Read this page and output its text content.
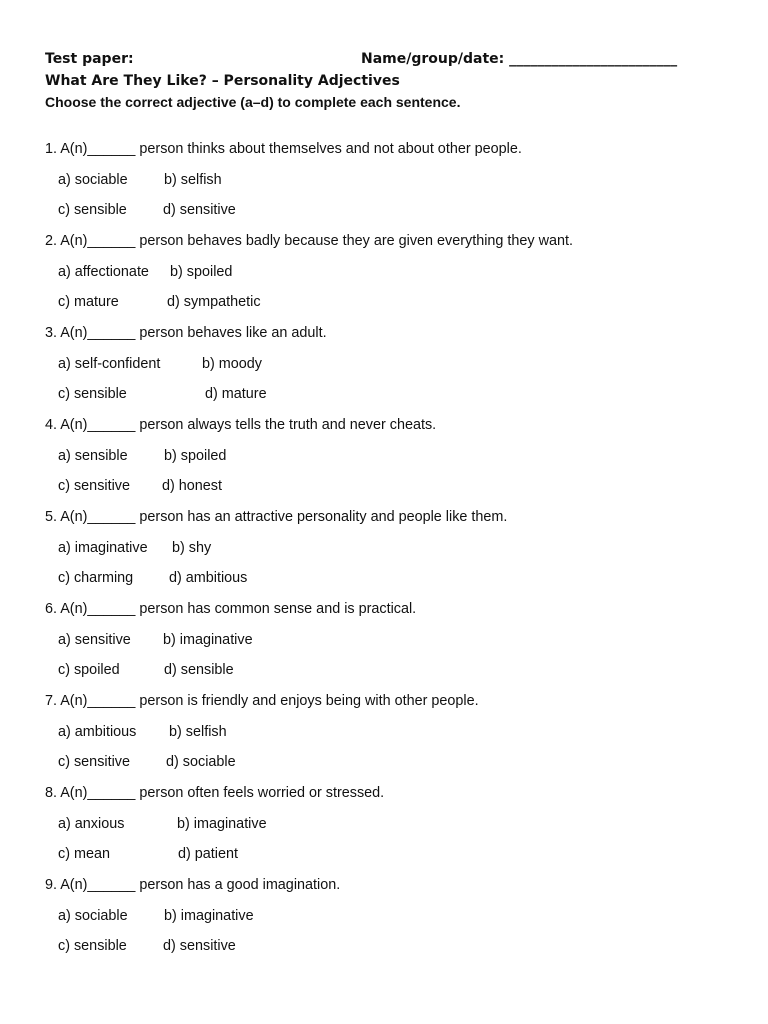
Test paper:	Name/group/date: ________________________
What Are They Like? – Personality Adjectives
Choose the correct adjective (a–d) to complete each sentence.
1. A(n)______ person thinks about themselves and not about other people.

a) sociable

	b) selfish

c) sensible

	d) sensitive

2. A(n)______ person behaves badly because they are given everything they want.

a) affectionate

b) spoiled

c) mature

	d) sympathetic

3. A(n)______ person behaves like an adult.

a) self-confident

	b) moody

c) sensible

	d) mature

4. A(n)______ person always tells the truth and never cheats.

a) sensible

	b) spoiled

c) sensitive

d) honest

5. A(n)______ person has an attractive personality and people like them.

a) imaginative

b) shy

c) charming

d) ambitious

6. A(n)______ person has common sense and is practical.

a) sensitive

b) imaginative

c) spoiled

	d) sensible

7. A(n)______ person is friendly and enjoys being with other people.

a) ambitious

b) selfish

c) sensitive

	d) sociable

8. A(n)______ person often feels worried or stressed.

a) anxious

	b) imaginative

c) mean

	d) patient

9. A(n)______ person has a good imagination.

a) sociable

	b) imaginative

c) sensible

	d) sensitive
